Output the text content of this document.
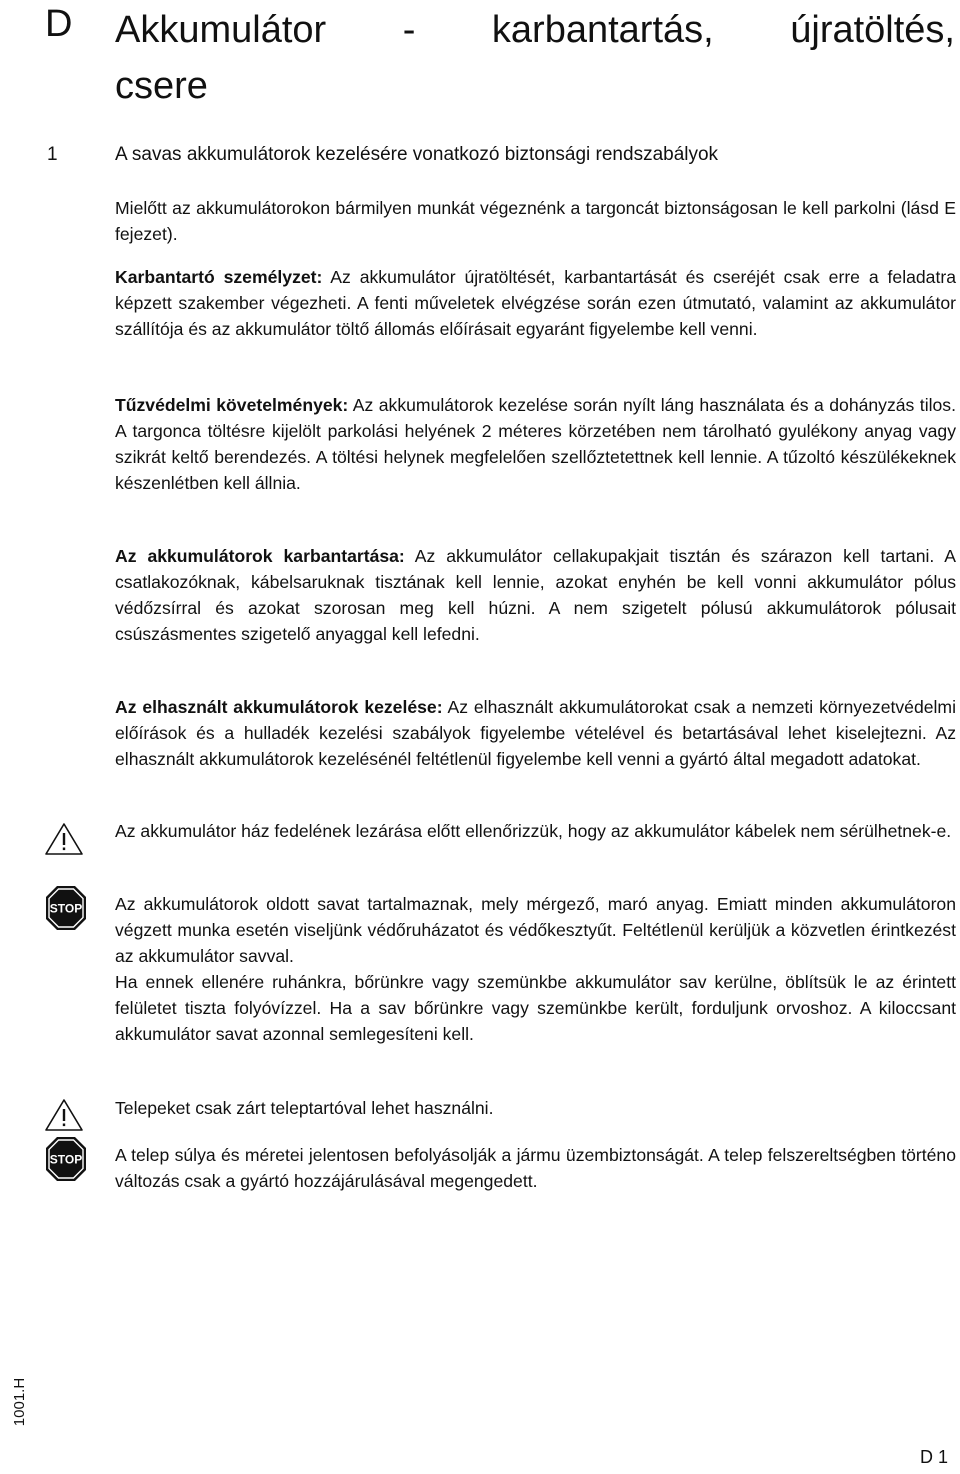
D Akkumulátor - karbantartás, újratöltés,
csere
1	A savas akkumulátorok kezelésére vonatkozó biztonsági rendszabályok
Mielőtt az akkumulátorokon bármilyen munkát végeznénk a targoncát biztonságosan le kell parkolni (lásd E fejezet).
Karbantartó személyzet: Az akkumulátor újratöltését, karbantartását és cseréjét csak erre a feladatra képzett szakember végezheti. A fenti műveletek elvégzése során ezen útmutató, valamint az akkumulátor szállítója és az akkumulátor töltő állomás előírásait egyaránt figyelembe kell venni.
Tűzvédelmi követelmények: Az akkumulátorok kezelése során nyílt láng használata és a dohányzás tilos. A targonca töltésre kijelölt parkolási helyének 2 méteres körzetében nem tárolható gyulékony anyag vagy szikrát keltő berendezés. A töltési helynek megfelelően szellőztetettnek kell lennie. A tűzoltó készülékeknek készenlétben kell állnia.
Az akkumulátorok karbantartása: Az akkumulátor cellakupakjait tisztán és szárazon kell tartani. A csatlakozóknak, kábelsaruknak tisztának kell lennie, azokat enyhén be kell vonni akkumulátor pólus védőzsírral és azokat szorosan meg kell húzni. A nem szigetelt pólusú akkumulátorok pólusait csúszásmentes szigetelő anyaggal kell lefedni.
Az elhasznált akkumulátorok kezelése: Az elhasznált akkumulátorokat csak a nemzeti környezetvédelmi előírások és a hulladék kezelési szabályok figyelembe vételével és betartásával lehet kiselejtezni. Az elhasznált akkumulátorok kezelésénél feltétlenül figyelembe kell venni a gyártó által megadott adatokat.
Az akkumulátor ház fedelének lezárása előtt ellenőrizzük, hogy az akkumulátor kábelek nem sérülhetnek-e.
STOP Az akkumulátorok oldott savat tartalmaznak, mely mérgező, maró anyag. Emiatt minden akkumulátoron végzett munka esetén viseljünk védőruházatot és védőkesztyűt. Feltétlenül kerüljük a közvetlen érintkezést az akkumulátor savval.
Ha ennek ellenére ruhánkra, bőrünkre vagy szemünkbe akkumulátor sav kerülne, öblítsük le az érintett felületet tiszta folyóvízzel. Ha a sav bőrünkre vagy szemünkbe került, forduljunk orvoshoz. A kiloccsant akkumulátor savat azonnal semlegesíteni kell.
Telepeket csak zárt teleptartóval lehet használni.
STOP A telep súlya és méretei jelentosen befolyásolják a jármu üzembiztonságát. A telep felszereltségben történo változás csak a gyártó hozzájárulásával megengedett.
1001.H
D 1
